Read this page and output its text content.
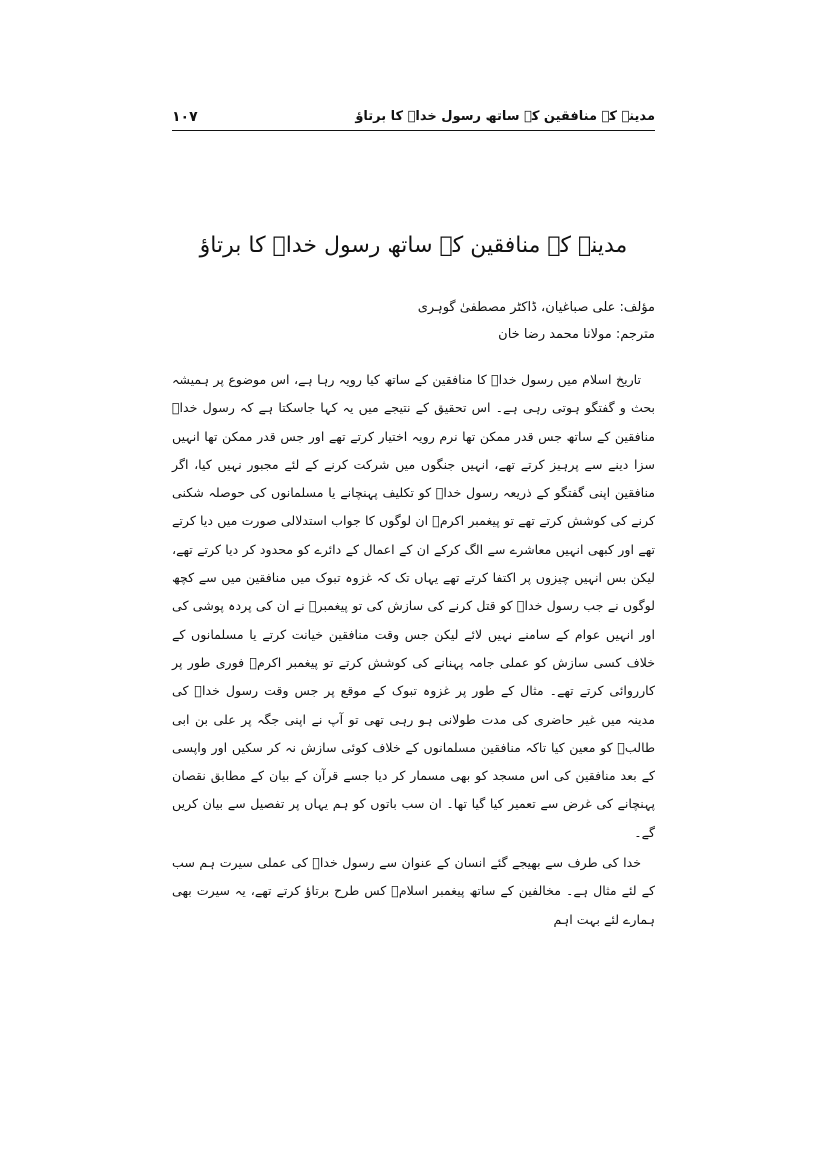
مدینہ کے منافقین کے ساتھ رسول خداؐ کا برتاؤ
۱۰۷
مدینہ کے منافقین کے ساتھ رسول خداؐ کا برتاؤ
مؤلف: علی صباغیان، ڈاکٹر مصطفیٰ گوہری
مترجم: مولانا محمد رضا خان

تاریخ اسلام میں رسول خداؐ کا منافقین کے ساتھ کیا رویہ رہا ہے، اس موضوع پر ہمیشہ بحث و گفتگو ہوتی رہی ہے۔ اس تحقیق کے نتیجے میں یہ کہا جاسکتا ہے کہ رسول خداؐ منافقین کے ساتھ جس قدر ممکن تھا نرم رویہ اختیار کرتے تھے اور جس قدر ممکن تھا انہیں سزا دینے سے پرہیز کرتے تھے، انہیں جنگوں میں شرکت کرنے کے لئے مجبور نہیں کیا، اگر منافقین اپنی گفتگو کے ذریعہ رسول خداؐ کو تکلیف پہنچانے یا مسلمانوں کی حوصلہ شکنی کرنے کی کوشش کرتے تھے تو پیغمبر اکرمؐ ان لوگوں کا جواب استدلالی صورت میں دیا کرتے تھے اور کبھی انہیں معاشرے سے الگ کرکے ان کے اعمال کے دائرے کو محدود کر دیا کرتے تھے، لیکن بس انہیں چیزوں پر اکتفا کرتے تھے یہاں تک کہ غزوہ تبوک میں منافقین میں سے کچھ لوگوں نے جب رسول خداؐ کو قتل کرنے کی سازش کی تو پیغمبرؐ نے ان کی پردہ پوشی کی اور انہیں عوام کے سامنے نہیں لائے لیکن جس وقت منافقین خیانت کرتے یا مسلمانوں کے خلاف کسی سازش کو عملی جامہ پہنانے کی کوشش کرتے تو پیغمبر اکرمؐ فوری طور پر کارروائی کرتے تھے۔ مثال کے طور پر غزوہ تبوک کے موقع پر جس وقت رسول خداؐ کی مدینہ میں غیر حاضری کی مدت طولانی ہو رہی تھی تو آپ نے اپنی جگہ پر علی بن ابی طالبؑ کو معین کیا تاکہ منافقین مسلمانوں کے خلاف کوئی سازش نہ کر سکیں اور واپسی کے بعد منافقین کی اس مسجد کو بھی مسمار کر دیا جسے قرآن کے بیان کے مطابق نقصان پہنچانے کی غرض سے تعمیر کیا گیا تھا۔ ان سب باتوں کو ہم یہاں پر تفصیل سے بیان کریں گے۔

خدا کی طرف سے بھیجے گئے انسان کے عنوان سے رسول خداؐ کی عملی سیرت ہم سب کے لئے مثال ہے۔ مخالفین کے ساتھ پیغمبر اسلامؐ کس طرح برتاؤ کرتے تھے، یہ سیرت بھی ہمارے لئے بہت اہم
